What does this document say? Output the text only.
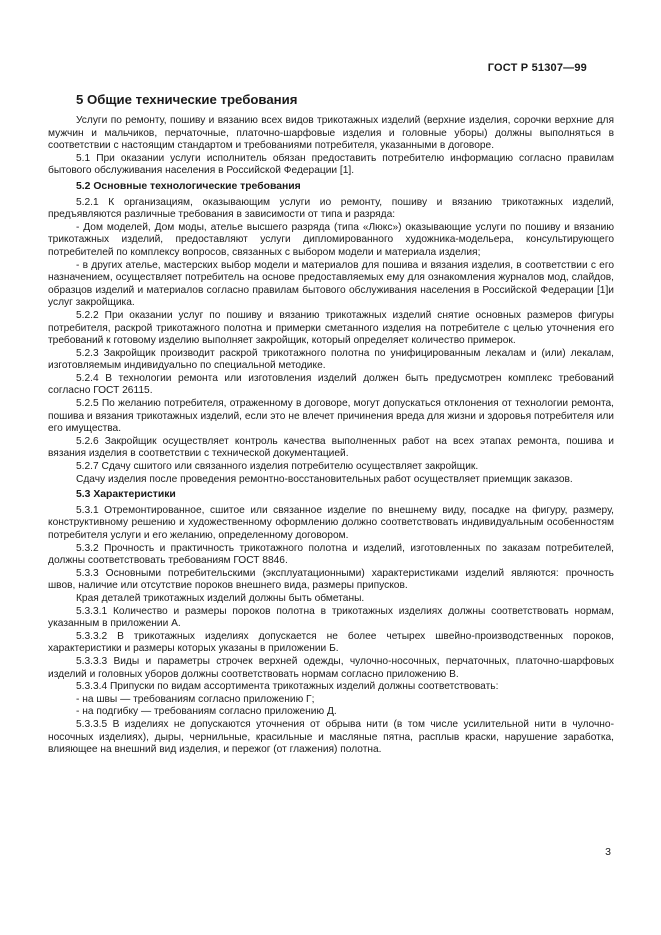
ГОСТ Р 51307—99
5 Общие технические требования

Услуги по ремонту, пошиву и вязанию всех видов трикотажных изделий (верхние изделия, сорочки верхние для мужчин и мальчиков, перчаточные, платочно-шарфовые изделия и головные уборы) должны выполняться в соответствии с настоящим стандартом и требованиями потребителя, указанными в договоре.

5.1 При оказании услуги исполнитель обязан предоставить потребителю информацию согласно правилам бытового обслуживания населения в Российской Федерации [1].

5.2 Основные технологические требования

5.2.1 К организациям, оказывающим услуги ио ремонту, пошиву и вязанию трикотажных изделий, предъявляются различные требования в зависимости от типа и разряда:

- Дом моделей, Дом моды, ателье высшего разряда (типа «Люкс») оказывающие услуги по пошиву и вязанию трикотажных изделий, предоставляют услуги дипломированного художника-модельера, консультирующего потребителей по комплексу вопросов, связанных с выбором модели и материала изделия;

- в других ателье, мастерских выбор модели и материалов для пошива и вязания изделия, в соответствии с его назначением, осуществляет потребитель на основе предоставляемых ему для ознакомления журналов мод, слайдов, образцов изделий и материалов согласно правилам бытового обслуживания населения в Российской Федерации [1]и услуг закройщика.

5.2.2 При оказании услуг по пошиву и вязанию трикотажных изделий снятие основных размеров фигуры потребителя, раскрой трикотажного полотна и примерки сметанного изделия на потребителе с целью уточнения его требований к готовому изделию выполняет закройщик, который определяет количество примерок.

5.2.3 Закройщик производит раскрой трикотажного полотна по унифицированным лекалам и (или) лекалам, изготовляемым индивидуально по специальной методике.

5.2.4 В технологии ремонта или изготовления изделий должен быть предусмотрен комплекс требований согласно ГОСТ 26115.

5.2.5 По желанию потребителя, отраженному в договоре, могут допускаться отклонения от технологии ремонта, пошива и вязания трикотажных изделий, если это не влечет причинения вреда для жизни и здоровья потребителя или его имущества.

5.2.6 Закройщик осуществляет контроль качества выполненных работ на всех этапах ремонта, пошива и вязания изделия в соответствии с технической документацией.

5.2.7 Сдачу сшитого или связанного изделия потребителю осуществляет закройщик.

Сдачу изделия после проведения ремонтно-восстановительных работ осуществляет приемщик заказов.

5.3 Характеристики

5.3.1 Отремонтированное, сшитое или связанное изделие по внешнему виду, посадке на фигуру, размеру, конструктивному решению и художественному оформлению должно соответствовать индивидуальным особенностям потребителя услуги и его желанию, определенному договором.

5.3.2 Прочность и практичность трикотажного полотна и изделий, изготовленных по заказам потребителей, должны соответствовать требованиям ГОСТ 8846.

5.3.3 Основными потребительскими (эксплуатационными) характеристиками изделий являются: прочность швов, наличие или отсутствие пороков внешнего вида, размеры припусков.

Края деталей трикотажных изделий должны быть обметаны.

5.3.3.1 Количество и размеры пороков полотна в трикотажных изделиях должны соответствовать нормам, указанным в приложении А.

5.3.3.2 В трикотажных изделиях допускается не более четырех швейно-производственных пороков, характеристики и размеры которых указаны в приложении Б.

5.3.3.3 Виды и параметры строчек верхней одежды, чулочно-носочных, перчаточных, платочно-шарфовых изделий и головных уборов должны соответствовать нормам согласно приложению В.

5.3.3.4 Припуски по видам ассортимента трикотажных изделий должны соответствовать:

- на швы — требованиям согласно приложению Г;

- на подгибку — требованиям согласно приложению Д.

5.3.3.5 В изделиях не допускаются уточнения от обрыва нити (в том числе усилительной нити в чулочно-носочных изделиях), дыры, чернильные, красильные и масляные пятна, расплыв краски, нарушение заработка, влияющее на внешний вид изделия, и пережог (от глажения) полотна.

3
